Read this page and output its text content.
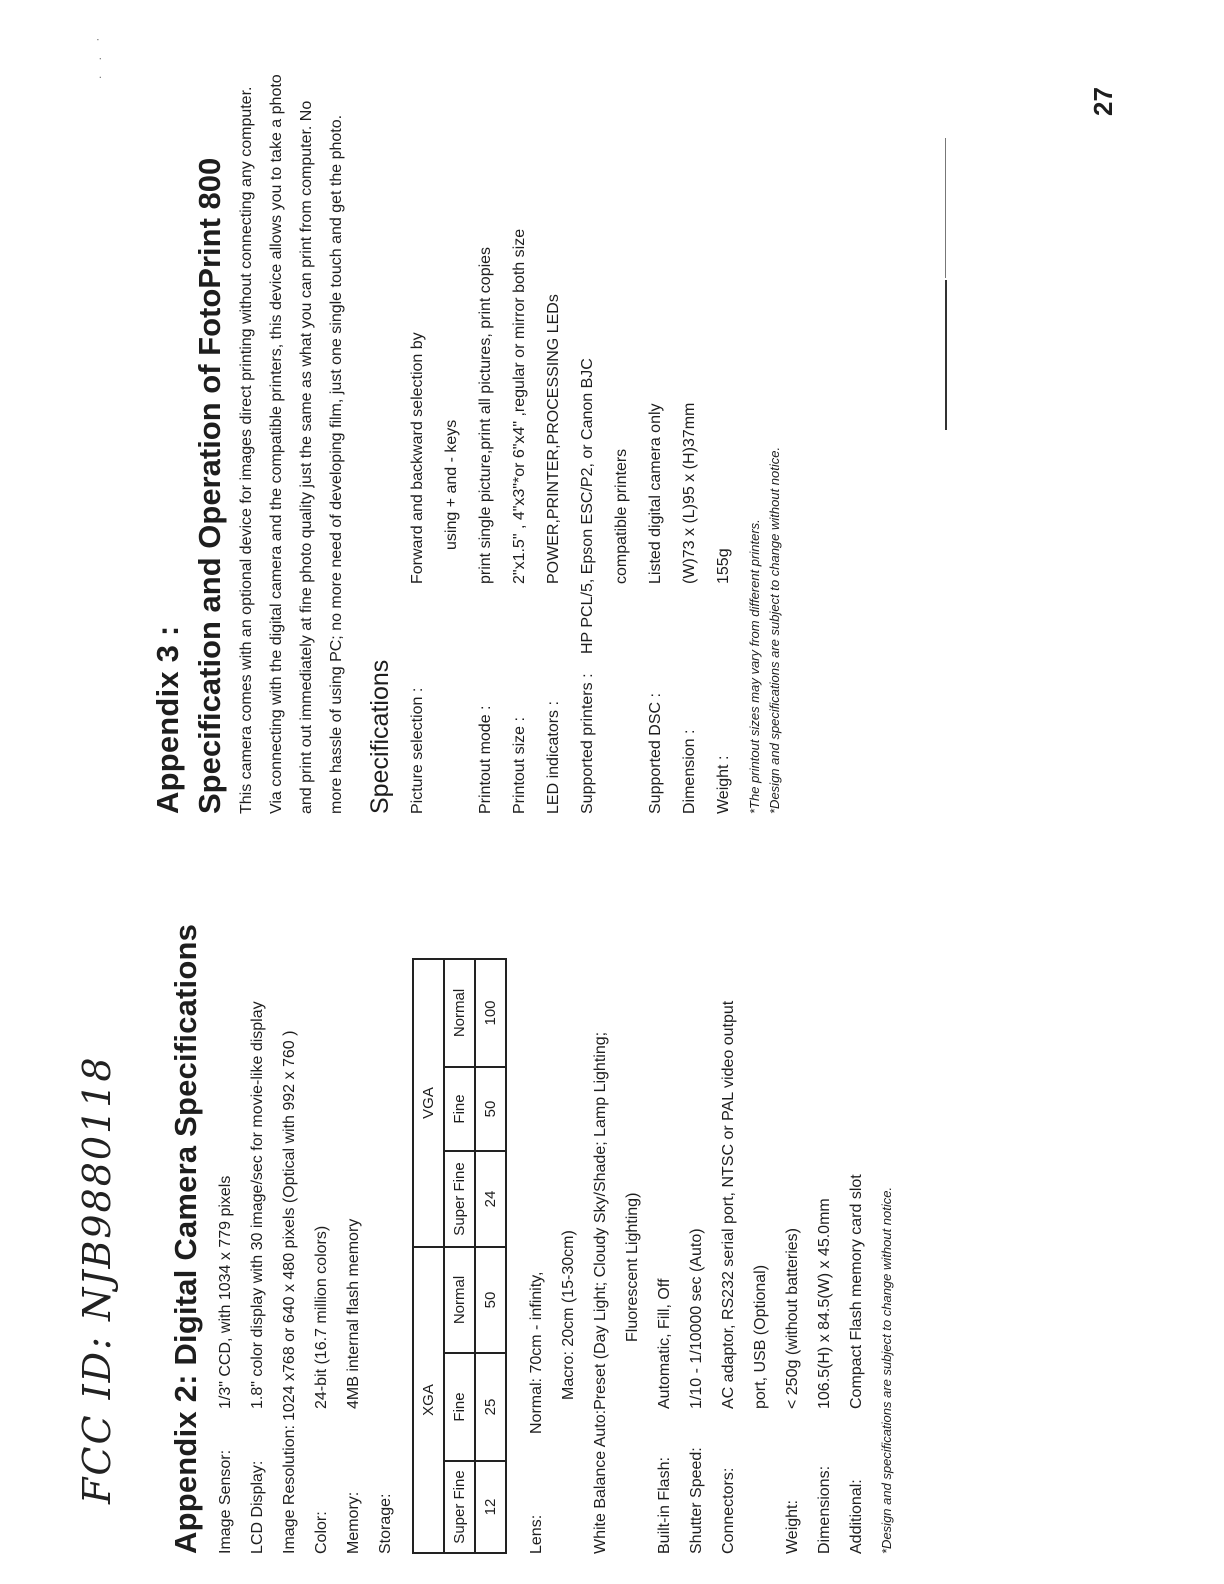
FCC ID: NJB9880118
. . ·
27
Appendix 2: Digital Camera Specifications Image Sensor:
1/3" CCD, with 1034 x 779 pixels
LCD Display:
1.8" color display with 30 image/sec for movie-like display
Image Resolution:
1024 x768 or 640 x 480 pixels (Optical with 992 x 760 )
Color:
24-bit (16.7 million colors)
Memory:
4MB internal flash memory
Storage:
XGA			VGA		
Super Fine	Fine	Normal	Super Fine	Fine	Normal
12	25	50	24	50	100
Lens:
Normal: 70cm - infinity, Macro: 20cm (15-30cm)
White Balance Auto:
Preset (Day Light; Cloudy Sky/Shade; Lamp Lighting; Fluorescent Lighting)
Built-in Flash:
Automatic, Fill, Off
Shutter Speed:
1/10 - 1/10000 sec (Auto)
Connectors:
AC adaptor, RS232 serial port, NTSC or PAL video output port, USB (Optional)
Weight:
< 250g (without batteries)
Dimensions:
106.5(H) x 84.5(W) x 45.0mm
Additional:
Compact Flash memory card slot	*Design and specifications are subject to change without notice.
Appendix 3 : Specification and Operation of FotoPrint 800 This camera comes with an optional device for images direct printing without connecting any computer. Via connecting with the digital camera and the compatible printers, this device allows you to take a photo and print out immediately at fine photo quality just the same as what you can print from computer. No more hassle of using PC; no more need of developing film, just one single touch and get the photo. Specifications Picture selection :
Forward and backward selection by	using + and - keys
Printout mode :
print single picture,print all pictures, print copies
Printout size :
2"x1.5" , 4"x3"*or 6"x4" ,regular or mirror both size
LED indicators :
POWER,PRINTER,PROCESSING LEDs
Supported printers :
HP PCL/5, Epson ESC/P2, or Canon BJC	compatible printers
Supported DSC :
Listed digital camera only
Dimension :
(W)73 x (L)95 x (H)37mm
Weight :
155g	*The printout sizes may vary from different printers. *Design and specifications are subject to change without notice.
